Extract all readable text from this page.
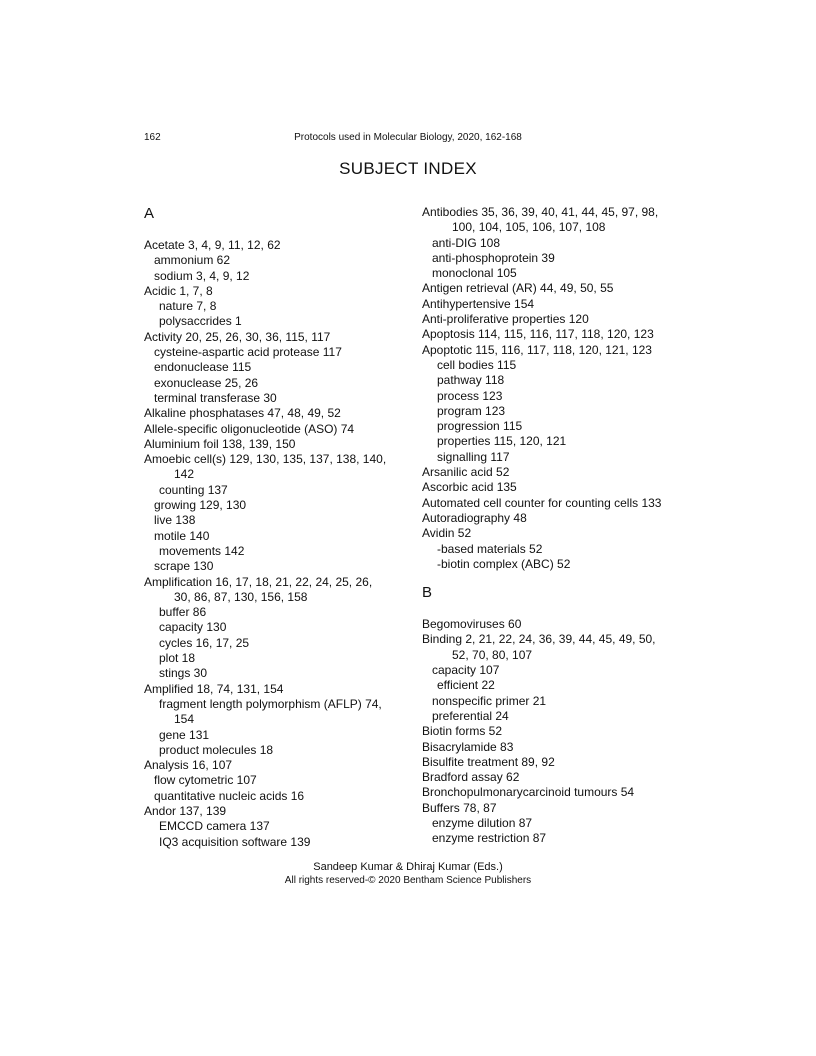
162	Protocols used in Molecular Biology, 2020, 162-168
SUBJECT INDEX
A
Acetate 3, 4, 9, 11, 12, 62
ammonium 62
sodium 3, 4, 9, 12
Acidic 1, 7, 8
nature 7, 8
polysaccrides 1
Activity 20, 25, 26, 30, 36, 115, 117
cysteine-aspartic acid protease 117
endonuclease 115
exonuclease 25, 26
terminal transferase 30
Alkaline phosphatases 47, 48, 49, 52
Allele-specific oligonucleotide (ASO) 74
Aluminium foil 138, 139, 150
Amoebic cell(s) 129, 130, 135, 137, 138, 140,
142
counting 137
growing 129, 130
live 138
motile 140
movements 142
scrape 130
Amplification 16, 17, 18, 21, 22, 24, 25, 26,
30, 86, 87, 130, 156, 158
buffer 86
capacity 130
cycles 16, 17, 25
plot 18
stings 30
Amplified 18, 74, 131, 154
fragment length polymorphism (AFLP) 74,
154
gene 131
product molecules 18
Analysis 16, 107
flow cytometric 107
quantitative nucleic acids 16
Andor 137, 139
EMCCD camera 137
IQ3 acquisition software 139
Antibodies 35, 36, 39, 40, 41, 44, 45, 97, 98,
100, 104, 105, 106, 107, 108
anti-DIG 108
anti-phosphoprotein 39
monoclonal 105
Antigen retrieval (AR) 44, 49, 50, 55
Antihypertensive 154
Anti-proliferative properties 120
Apoptosis 114, 115, 116, 117, 118, 120, 123
Apoptotic 115, 116, 117, 118, 120, 121, 123
cell bodies 115
pathway 118
process 123
program 123
progression 115
properties 115, 120, 121
signalling 117
Arsanilic acid 52
Ascorbic acid 135
Automated cell counter for counting cells 133
Autoradiography 48
Avidin 52
-based materials 52
-biotin complex (ABC) 52
B
Begomoviruses 60
Binding 2, 21, 22, 24, 36, 39, 44, 45, 49, 50,
52, 70, 80, 107
capacity 107
efficient 22
nonspecific primer 21
preferential 24
Biotin forms 52
Bisacrylamide 83
Bisulfite treatment 89, 92
Bradford assay 62
Bronchopulmonarycarcinoid tumours 54
Buffers 78, 87
enzyme dilution 87
enzyme restriction 87
Sandeep Kumar & Dhiraj Kumar (Eds.)
All rights reserved-© 2020 Bentham Science Publishers
